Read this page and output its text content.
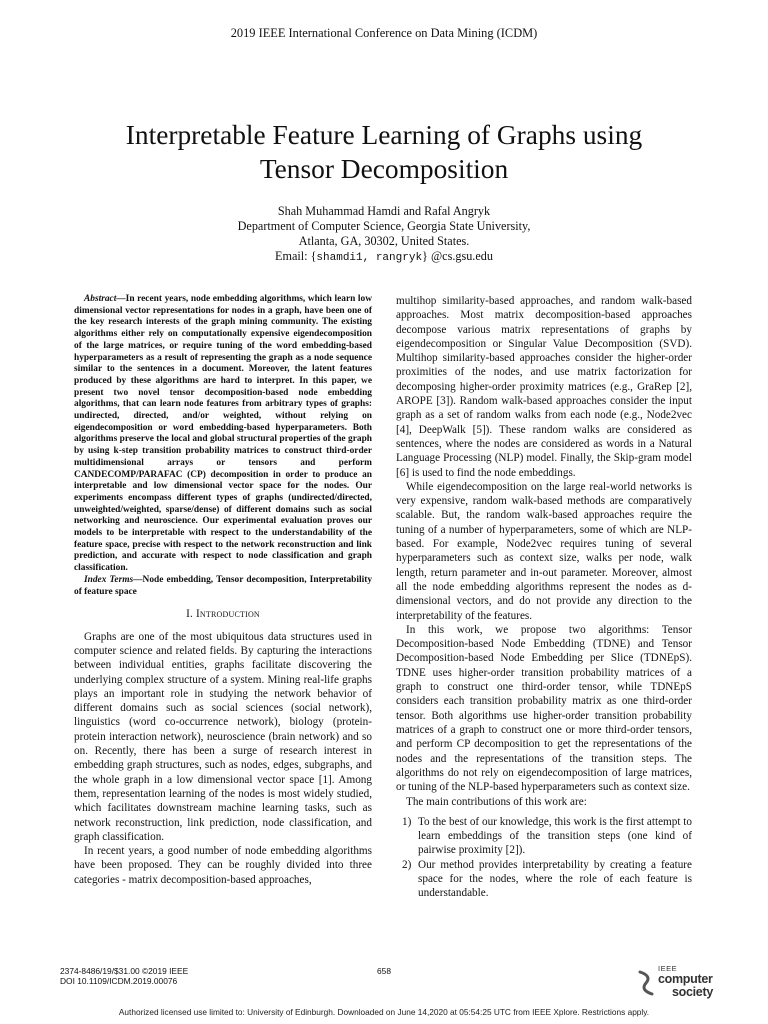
2019 IEEE International Conference on Data Mining (ICDM)
Interpretable Feature Learning of Graphs using
Tensor Decomposition
Shah Muhammad Hamdi and Rafal Angryk
Department of Computer Science, Georgia State University,
Atlanta, GA, 30302, United States.
Email: {shamdi1, rangryk} @cs.gsu.edu

Abstract—In recent years, node embedding algorithms, which learn low dimensional vector representations for nodes in a graph, have been one of the key research interests of the graph mining community. The existing algorithms either rely on computationally expensive eigendecomposition of the large matrices, or require tuning of the word embedding-based hyperparameters as a result of representing the graph as a node sequence similar to the sentences in a document. Moreover, the latent features produced by these algorithms are hard to interpret. In this paper, we present two novel tensor decomposition-based node embedding algorithms, that can learn node features from arbitrary types of graphs: undirected, directed, and/or weighted, without relying on eigendecomposition or word embedding-based hyperparameters. Both algorithms preserve the local and global structural properties of the graph by using k-step transition probability matrices to construct third-order multidimensional arrays or tensors and perform CANDECOMP/PARAFAC (CP) decomposition in order to produce an interpretable and low dimensional vector space for the nodes. Our experiments encompass different types of graphs (undirected/directed, unweighted/weighted, sparse/dense) of different domains such as social networking and neuroscience. Our experimental evaluation proves our models to be interpretable with respect to the understandability of the feature space, precise with respect to the network reconstruction and link prediction, and accurate with respect to node classification and graph classification.

Index Terms—Node embedding, Tensor decomposition, Interpretability of feature space

I. Introduction

Graphs are one of the most ubiquitous data structures used in computer science and related fields. By capturing the interactions between individual entities, graphs facilitate discovering the underlying complex structure of a system. Mining real-life graphs plays an important role in studying the network behavior of different domains such as social sciences (social network), linguistics (word co-occurrence network), biology (protein-protein interaction network), neuroscience (brain network) and so on. Recently, there has been a surge of research interest in embedding graph structures, such as nodes, edges, subgraphs, and the whole graph in a low dimensional vector space [1]. Among them, representation learning of the nodes is most widely studied, which facilitates downstream machine learning tasks, such as network reconstruction, link prediction, node classification, and graph classification.

In recent years, a good number of node embedding algorithms have been proposed. They can be roughly divided into three categories - matrix decomposition-based approaches,

multihop similarity-based approaches, and random walk-based approaches. Most matrix decomposition-based approaches decompose various matrix representations of graphs by eigendecomposition or Singular Value Decomposition (SVD). Multihop similarity-based approaches consider the higher-order proximities of the nodes, and use matrix factorization for decomposing higher-order proximity matrices (e.g., GraRep [2], AROPE [3]). Random walk-based approaches consider the input graph as a set of random walks from each node (e.g., Node2vec [4], DeepWalk [5]). These random walks are considered as sentences, where the nodes are considered as words in a Natural Language Processing (NLP) model. Finally, the Skip-gram model [6] is used to find the node embeddings.

While eigendecomposition on the large real-world networks is very expensive, random walk-based methods are comparatively scalable. But, the random walk-based approaches require the tuning of a number of hyperparameters, some of which are NLP-based. For example, Node2vec requires tuning of several hyperparameters such as context size, walks per node, walk length, return parameter and in-out parameter. Moreover, almost all the node embedding algorithms represent the nodes as d-dimensional vectors, and do not provide any direction to the interpretability of the features.

In this work, we propose two algorithms: Tensor Decomposition-based Node Embedding (TDNE) and Tensor Decomposition-based Node Embedding per Slice (TDNEpS). TDNE uses higher-order transition probability matrices of a graph to construct one third-order tensor, while TDNEpS considers each transition probability matrix as one third-order tensor. Both algorithms use higher-order transition probability matrices of a graph to construct one or more third-order tensors, and perform CP decomposition to get the representations of the nodes and the representations of the transition steps. The algorithms do not rely on eigendecomposition of large matrices, or tuning of the NLP-based hyperparameters such as context size.

The main contributions of this work are:

1) To the best of our knowledge, this work is the first attempt to learn embeddings of the transition steps (one kind of pairwise proximity [2]).
2) Our method provides interpretability by creating a feature space for the nodes, where the role of each feature is understandable.
2374-8486/19/$31.00 ©2019 IEEE
DOI 10.1109/ICDM.2019.00076
658	IEEE
computer
society
Authorized licensed use limited to: University of Edinburgh. Downloaded on June 14,2020 at 05:54:25 UTC from IEEE Xplore. Restrictions apply.
